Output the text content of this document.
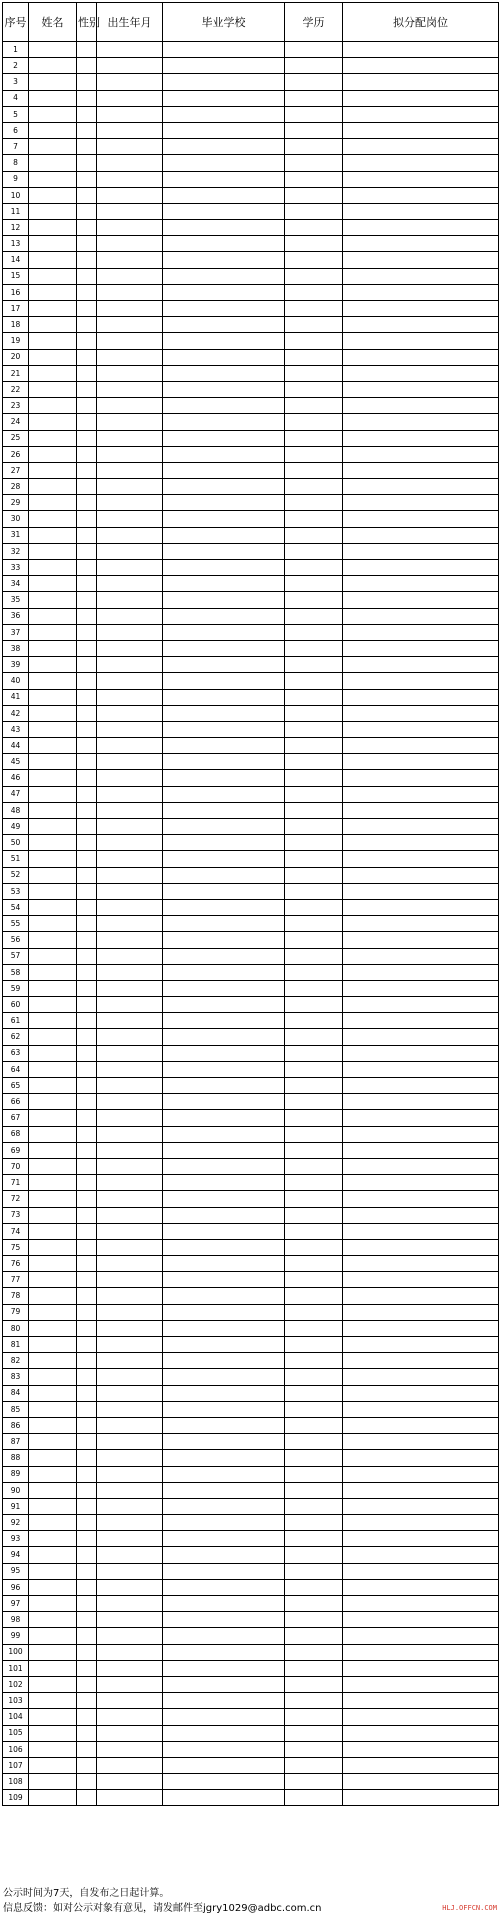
序号	姓名	性别	出生年月	毕业学校	学历	拟分配岗位
1						
2						
3						
4						
5						
6						
7						
8						
9						
10						
11						
12						
13						
14						
15						
16						
17						
18						
19						
20						
21						
22						
23						
24						
25						
26						
27						
28						
29						
30						
31						
32						
33						
34						
35						
36						
37						
38						
39						
40						
41						
42						
43						
44						
45						
46						
47						
48						
49						
50						
51						
52						
53						
54						
55						
56						
57						
58						
59						
60						
61						
62						
63						
64						
65						
66						
67						
68						
69						
70						
71						
72						
73						
74						
75						
76						
77						
78						
79						
80						
81						
82						
83						
84						
85						
86						
87						
88						
89						
90						
91						
92						
93						
94						
95						
96						
97						
98						
99						
100						
101						
102						
103						
104						
105						
106						
107						
108						
109						
公示时间为7天，自发布之日起计算。
信息反馈：如对公示对象有意见，请发邮件至jgry1029@adbc.com.cn	HLJ.OFFCN.COM
